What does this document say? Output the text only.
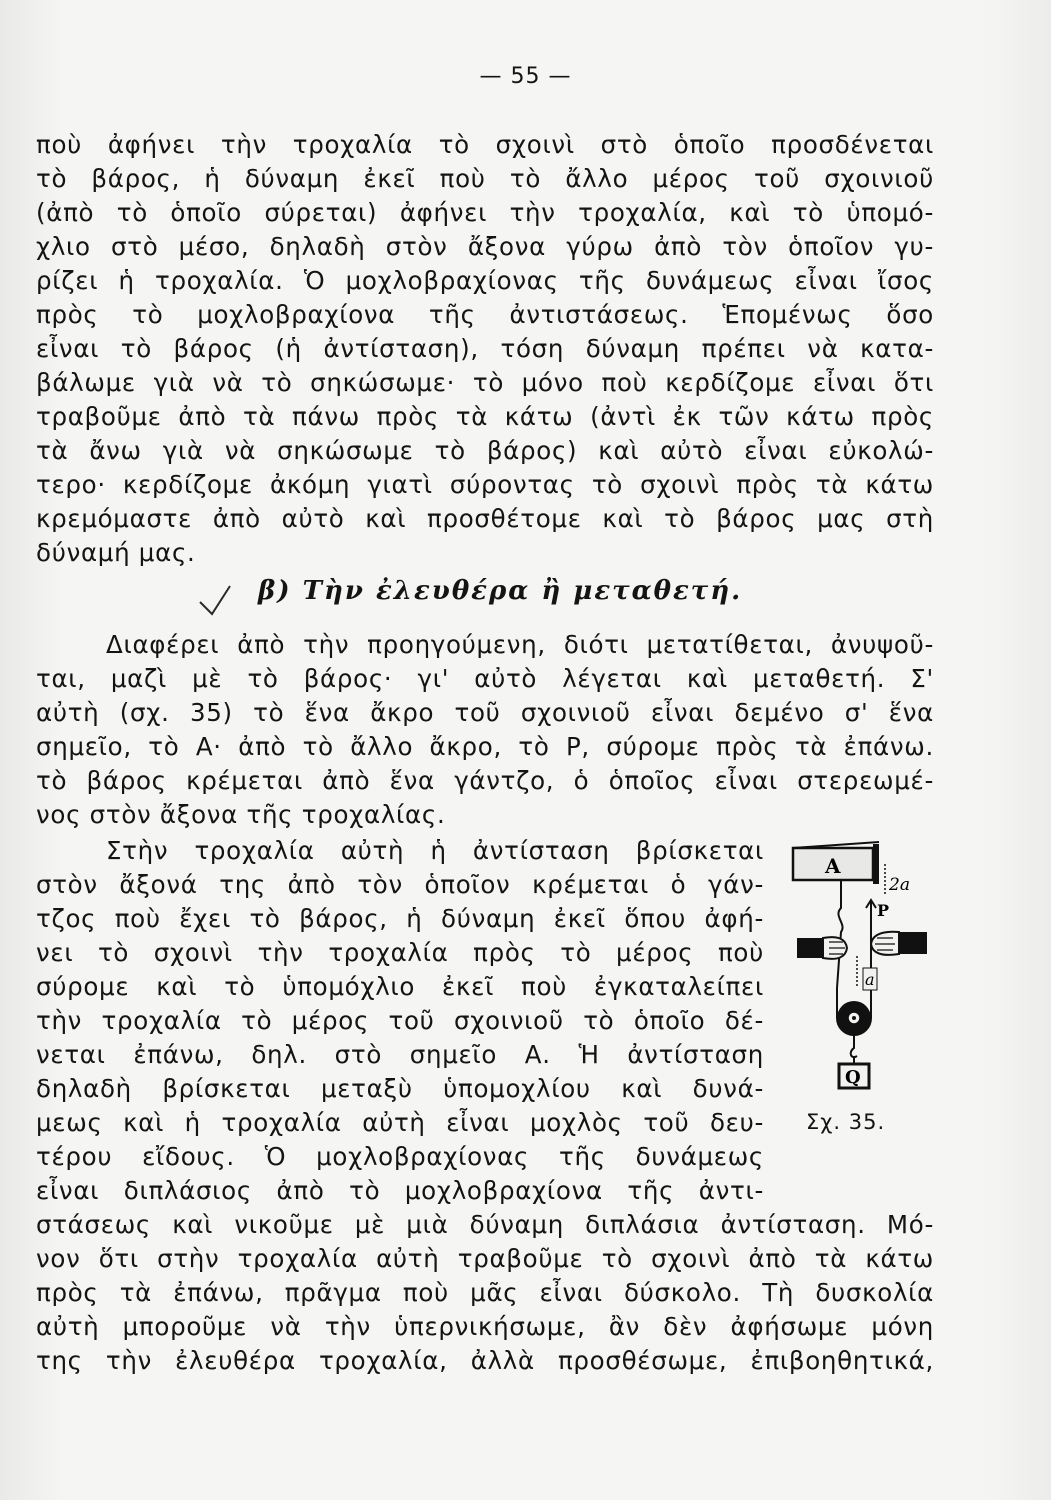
— 55 —
ποὺ ἀφήνει τὴν τροχαλία τὸ σχοινὶ στὸ ὁποῖο προσδένεται
τὸ βάρος, ἡ δύναμη ἐκεῖ ποὺ τὸ ἄλλο μέρος τοῦ σχοινιοῦ
(ἀπὸ τὸ ὁποῖο σύρεται) ἀφήνει τὴν τροχαλία, καὶ τὸ ὑπομό-
χλιο στὸ μέσο, δηλαδὴ στὸν ἄξονα γύρω ἀπὸ τὸν ὁποῖον γυ-
ρίζει ἡ τροχαλία. Ὁ μοχλοβραχίονας τῆς δυνάμεως εἶναι ἴσος
πρὸς τὸ μοχλοβραχίονα τῆς ἀντιστάσεως. Ἑπομένως ὅσο
εἶναι τὸ βάρος (ἡ ἀντίσταση), τόση δύναμη πρέπει νὰ κατα-
βάλωμε γιὰ νὰ τὸ σηκώσωμε· τὸ μόνο ποὺ κερδίζομε εἶναι ὅτι
τραβοῦμε ἀπὸ τὰ πάνω πρὸς τὰ κάτω (ἀντὶ ἐκ τῶν κάτω πρὸς
τὰ ἄνω γιὰ νὰ σηκώσωμε τὸ βάρος) καὶ αὐτὸ εἶναι εὐκολώ-
τερο· κερδίζομε ἀκόμη γιατὶ σύροντας τὸ σχοινὶ πρὸς τὰ κάτω
κρεμόμαστε ἀπὸ αὐτὸ καὶ προσθέτομε καὶ τὸ βάρος μας στὴ
δύναμή μας.
β) Τὴν ἐλευθέρα ἢ μεταθετή.
Διαφέρει ἀπὸ τὴν προηγούμενη, διότι μετατίθεται, ἀνυψοῦ-
ται, μαζὶ μὲ τὸ βάρος· γι' αὐτὸ λέγεται καὶ μεταθετή. Σ'
αὐτὴ (σχ. 35) τὸ ἕνα ἄκρο τοῦ σχοινιοῦ εἶναι δεμένο σ' ἕνα
σημεῖο, τὸ Α· ἀπὸ τὸ ἄλλο ἄκρο, τὸ Ρ, σύρομε πρὸς τὰ ἐπάνω.
τὸ βάρος κρέμεται ἀπὸ ἕνα γάντζο, ὁ ὁποῖος εἶναι στερεωμέ-
νος στὸν ἄξονα τῆς τροχαλίας.
Στὴν τροχαλία αὐτὴ ἡ ἀντίσταση βρίσκεται
στὸν ἄξονά της ἀπὸ τὸν ὁποῖον κρέμεται ὁ γάν-
τζος ποὺ ἔχει τὸ βάρος, ἡ δύναμη ἐκεῖ ὅπου ἀφή-
νει τὸ σχοινὶ τὴν τροχαλία πρὸς τὸ μέρος ποὺ
σύρομε καὶ τὸ ὑπομόχλιο ἐκεῖ ποὺ ἐγκαταλείπει
τὴν τροχαλία τὸ μέρος τοῦ σχοινιοῦ τὸ ὁποῖο δέ-
νεται ἐπάνω, δηλ. στὸ σημεῖο Α. Ἡ ἀντίσταση
δηλαδὴ βρίσκεται μεταξὺ ὑπομοχλίου καὶ δυνά-
μεως καὶ ἡ τροχαλία αὐτὴ εἶναι μοχλὸς τοῦ δευ-
τέρου εἴδους. Ὁ μοχλοβραχίονας τῆς δυνάμεως
εἶναι διπλάσιος ἀπὸ τὸ μοχλοβραχίονα τῆς ἀντι-
στάσεως καὶ νικοῦμε μὲ μιὰ δύναμη διπλάσια ἀντίσταση. Μό-
νον ὅτι στὴν τροχαλία αὐτὴ τραβοῦμε τὸ σχοινὶ ἀπὸ τὰ κάτω
πρὸς τὰ ἐπάνω, πρᾶγμα ποὺ μᾶς εἶναι δύσκολο. Τὴ δυσκολία
αὐτὴ μποροῦμε νὰ τὴν ὑπερνικήσωμε, ἂν δὲν ἀφήσωμε μόνη
της τὴν ἐλευθέρα τροχαλία, ἀλλὰ προσθέσωμε, ἐπιβοηθητικά,
A
2a
P
a
Q
Σχ. 35.
